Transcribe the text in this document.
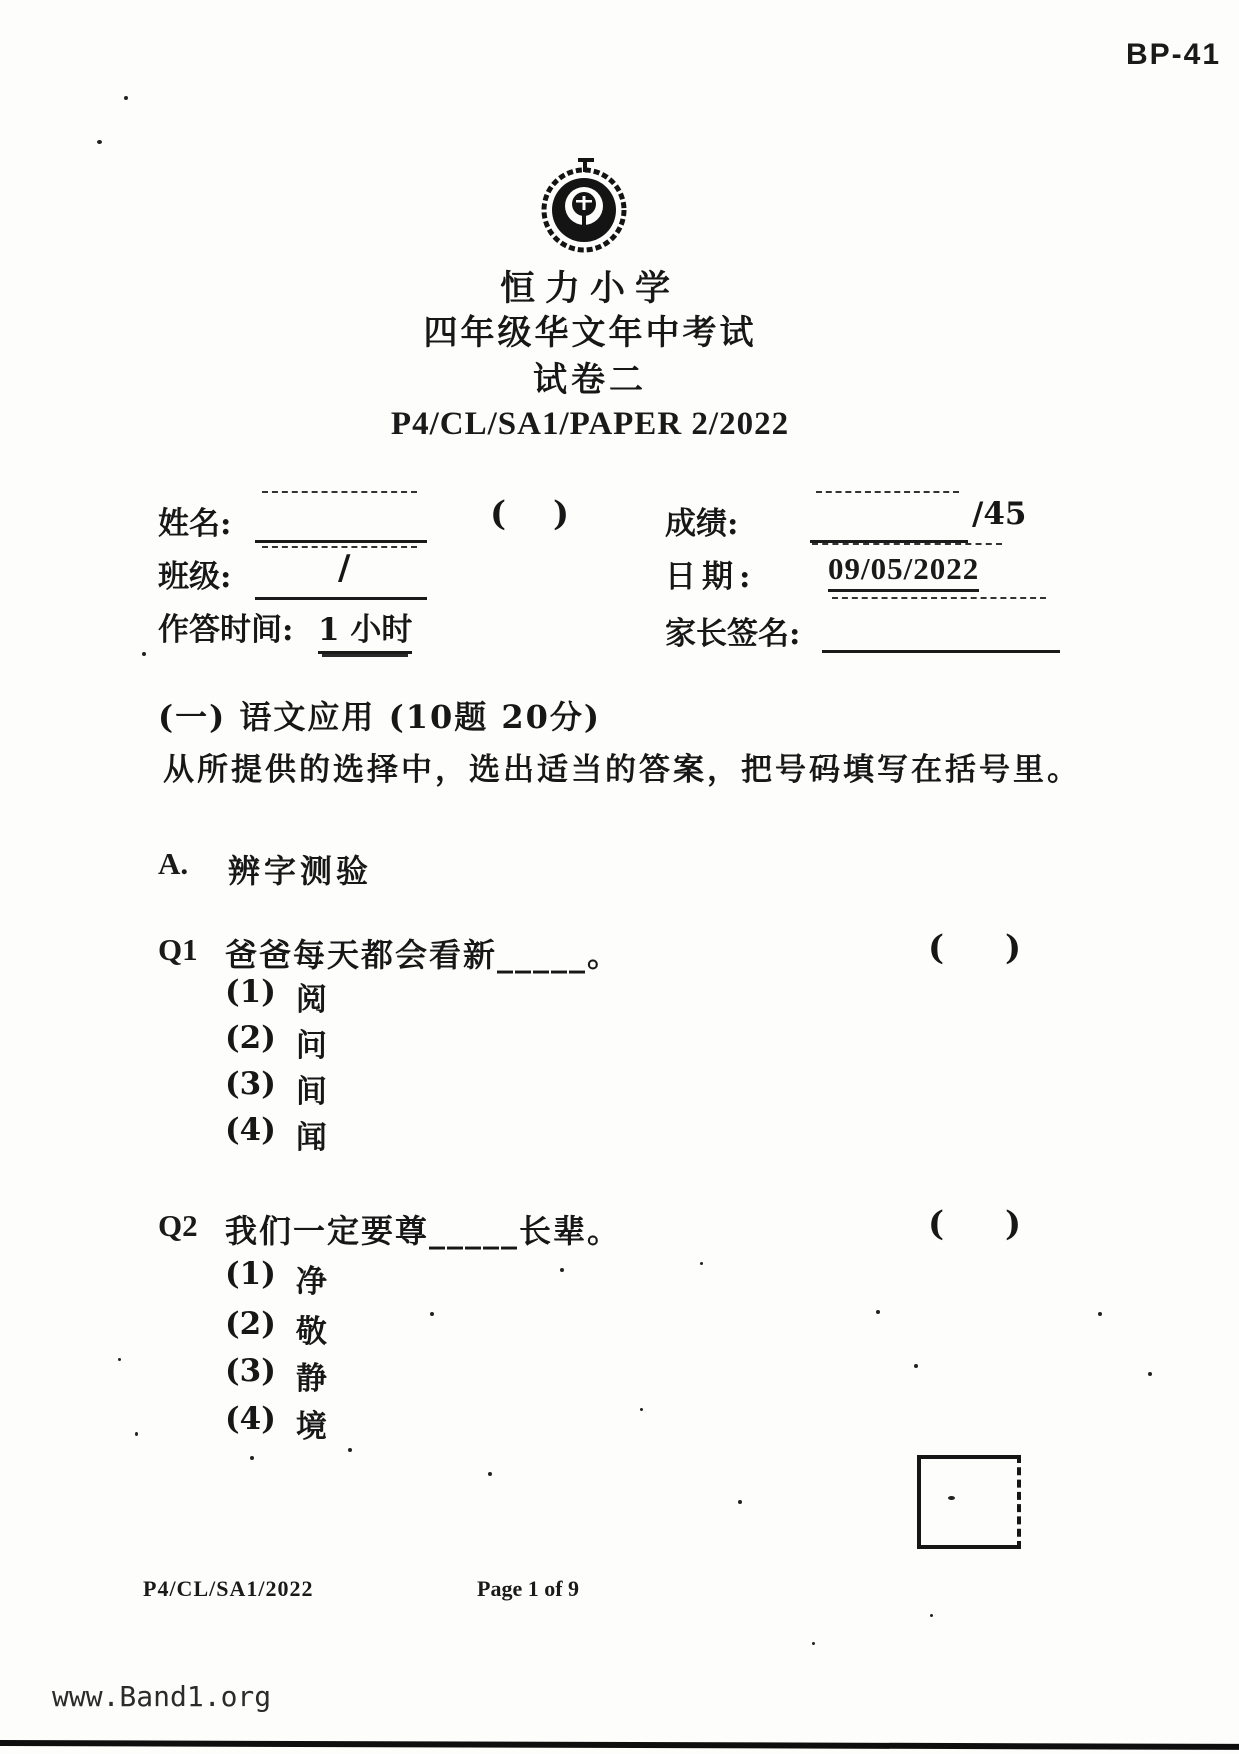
BP-41
恒力小学
四年级华文年中考试
试卷二
P4/CL/SA1/PAPER 2/2022
姓名:	( )
班级:	/
作答时间: 1 小时
成绩:	/45
日期: 09/05/2022
家长签名:
(一) 语文应用 (10题 20分)
从所提供的选择中，选出适当的答案，把号码填写在括号里。
A. 辨字测验
Q1 爸爸每天都会看新_____。	( )
(1) 阅
(2) 问
(3) 间
(4) 闻
Q2 我们一定要尊_____长辈。	( )
(1) 净
(2) 敬
(3) 静
(4) 境
P4/CL/SA1/2022	Page 1 of 9
www.Band1.org
